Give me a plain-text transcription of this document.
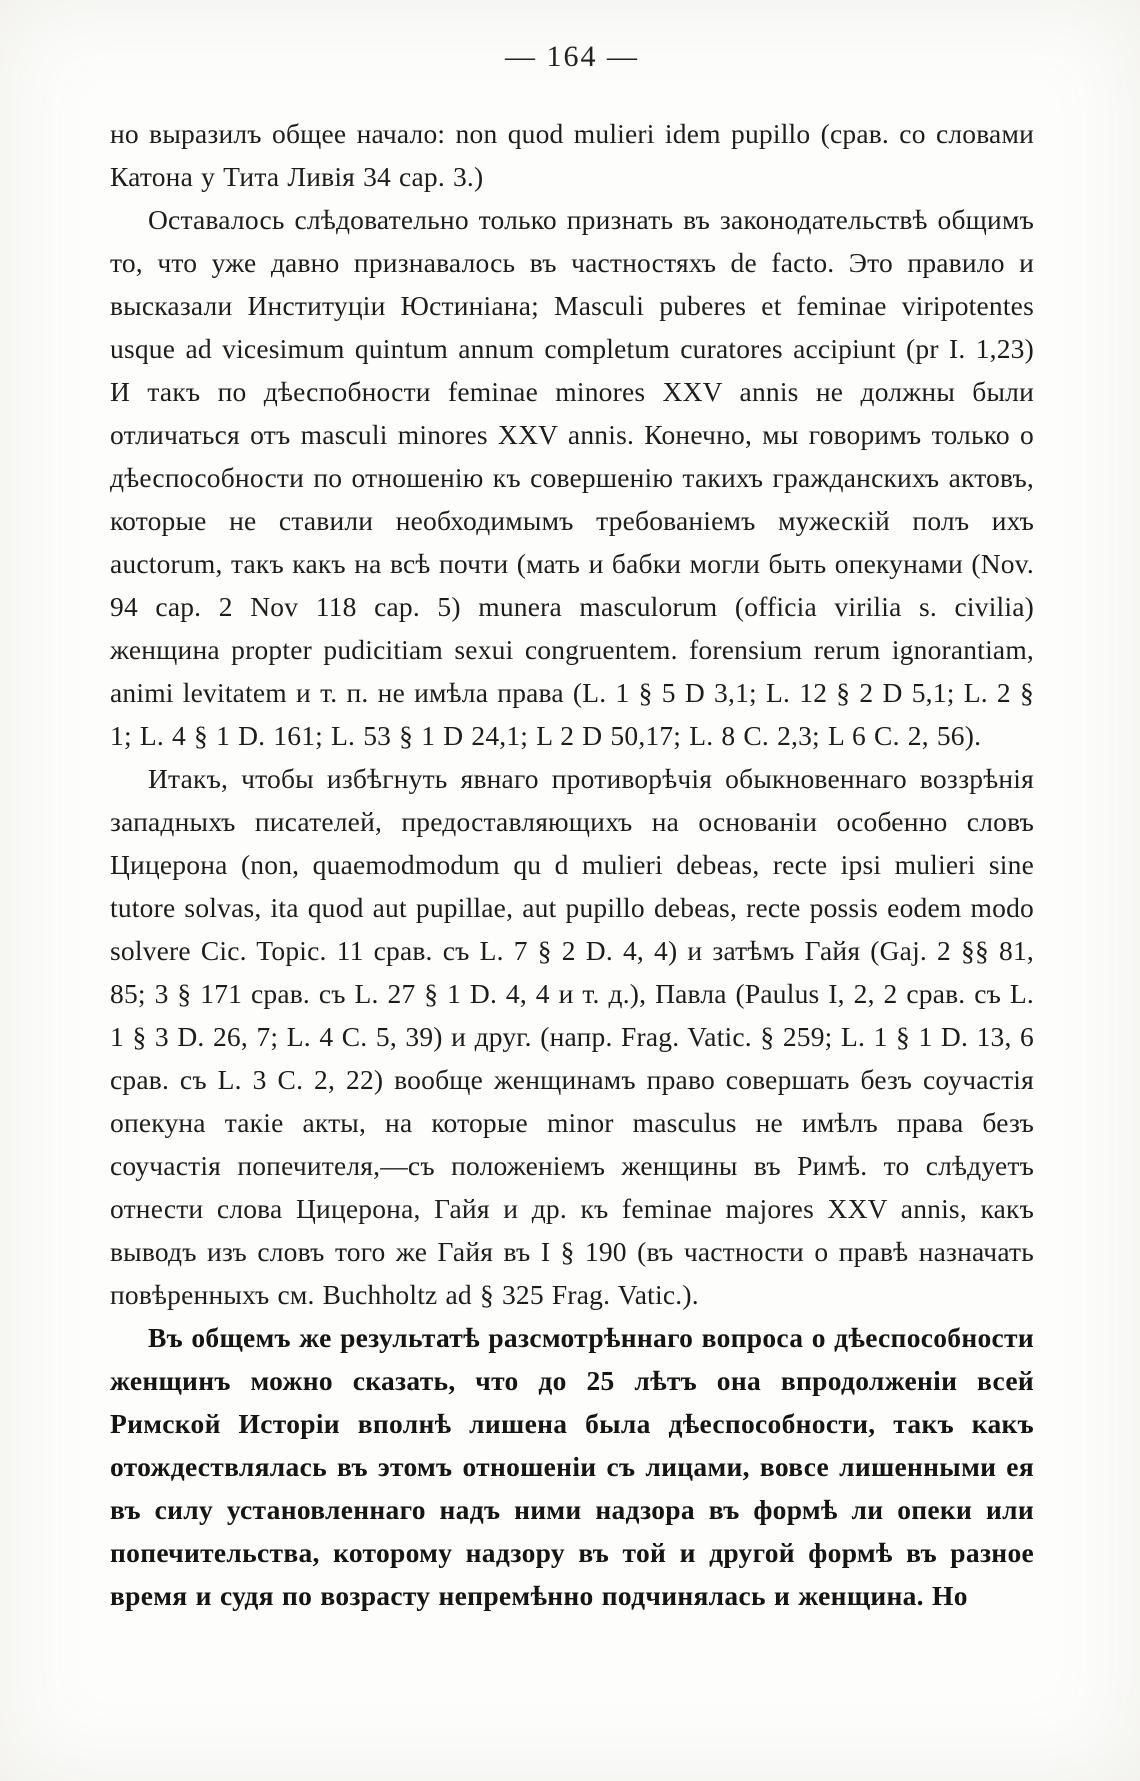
— 164 —

но выразилъ общее начало: non quod mulieri idem pupillo (срав. со словами Катона у Тита Ливія 34 cap. 3.)

Оставалось слѣдовательно только признать въ законодательствѣ общимъ то, что уже давно признавалось въ частностяхъ de facto. Это правило и высказали Институціи Юстиніана; Masculi puberes et feminae viripotentes usque ad vicesimum quintum annum completum curatores accipiunt (pr I. 1,23) И такъ по дѣеспобности feminae minores XXV annis не должны были отличаться отъ masculi minores XXV annis. Конечно, мы говоримъ только о дѣеспособности по отношенію къ совершенію такихъ гражданскихъ актовъ, которые не ставили необходимымъ требованіемъ мужескій полъ ихъ auctorum, такъ какъ на всѣ почти (мать и бабки могли быть опекунами (Nov. 94 cap. 2 Nov 118 cap. 5) munera masculorum (officia virilia s. civilia) женщина propter pudicitiam sexui congruentem. forensium rerum ignorantiam, animi levitatem и т. п. не имѣла права (L. 1 § 5 D 3,1; L. 12 § 2 D 5,1; L. 2 § 1; L. 4 § 1 D. 161; L. 53 § 1 D 24,1; L 2 D 50,17; L. 8 C. 2,3; L 6 C. 2, 56).

Итакъ, чтобы избѣгнуть явнаго противорѣчія обыкновеннаго воззрѣнія западныхъ писателей, предоставляющихъ на основаніи особенно словъ Цицерона (non, quaemodmodum qu d mulieri debeas, recte ipsi mulieri sine tutore solvas, ita quod aut pupillae, aut pupillo debeas, recte possis eodem modo solvere Cic. Topic. 11 срав. съ L. 7 § 2 D. 4, 4) и затѣмъ Гайя (Gaj. 2 §§ 81, 85; 3 § 171 срав. съ L. 27 § 1 D. 4, 4 и т. д.), Павла (Paulus I, 2, 2 срав. съ L. 1 § 3 D. 26, 7; L. 4 C. 5, 39) и друг. (напр. Frag. Vatic. § 259; L. 1 § 1 D. 13, 6 срав. съ L. 3 C. 2, 22) вообще женщинамъ право совершать безъ соучастія опекуна такіе акты, на которые minor masculus не имѣлъ права безъ соучастія попечителя,—съ положеніемъ женщины въ Римѣ. то слѣдуетъ отнести слова Цицерона, Гайя и др. къ feminae majores XXV annis, какъ выводъ изъ словъ того же Гайя въ I § 190 (въ частности о правѣ назначать повѣренныхъ см. Buchholtz ad § 325 Frag. Vatic.).

Въ общемъ же результатѣ разсмотрѣннаго вопроса о дѣеспособности женщинъ можно сказать, что до 25 лѣтъ она впродолженіи всей Римской Исторіи вполнѣ лишена была дѣеспособности, такъ какъ отождествлялась въ этомъ отношеніи съ лицами, вовсе лишенными ея въ силу установленнаго надъ ними надзора въ формѣ ли опеки или попечительства, которому надзору въ той и другой формѣ въ разное время и судя по возрасту непремѣнно подчинялась и женщина. Но
